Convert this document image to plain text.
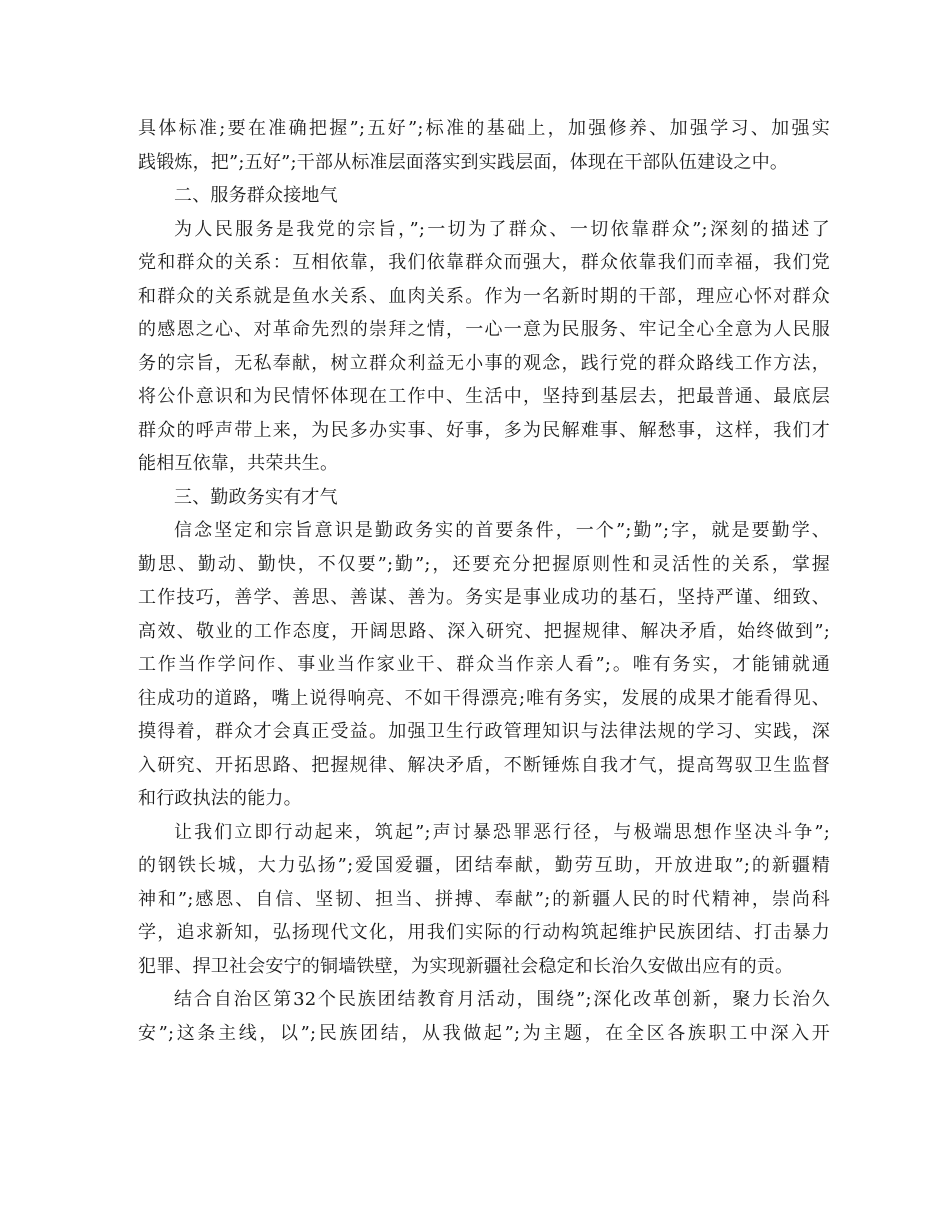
具体标准;要在准确把握”;五好”;标准的基础上，加强修养、加强学习、加强实
践锻炼，把”;五好”;干部从标准层面落实到实践层面，体现在干部队伍建设之中。
二、服务群众接地气
为人民服务是我党的宗旨，”;一切为了群众、一切依靠群众”;深刻的描述了
党和群众的关系：互相依靠，我们依靠群众而强大，群众依靠我们而幸福，我们党
和群众的关系就是鱼水关系、血肉关系。作为一名新时期的干部，理应心怀对群众
的感恩之心、对革命先烈的崇拜之情，一心一意为民服务、牢记全心全意为人民服
务的宗旨，无私奉献，树立群众利益无小事的观念，践行党的群众路线工作方法，
将公仆意识和为民情怀体现在工作中、生活中，坚持到基层去，把最普通、最底层
群众的呼声带上来，为民多办实事、好事，多为民解难事、解愁事，这样，我们才
能相互依靠，共荣共生。
三、勤政务实有才气
信念坚定和宗旨意识是勤政务实的首要条件，一个”;勤”;字，就是要勤学、
勤思、勤动、勤快，不仅要”;勤”;，还要充分把握原则性和灵活性的关系，掌握
工作技巧，善学、善思、善谋、善为。务实是事业成功的基石，坚持严谨、细致、
高效、敬业的工作态度，开阔思路、深入研究、把握规律、解决矛盾，始终做到”;
工作当作学问作、事业当作家业干、群众当作亲人看”;。唯有务实，才能铺就通
往成功的道路，嘴上说得响亮、不如干得漂亮;唯有务实，发展的成果才能看得见、
摸得着，群众才会真正受益。加强卫生行政管理知识与法律法规的学习、实践，深
入研究、开拓思路、把握规律、解决矛盾，不断锤炼自我才气，提高驾驭卫生监督
和行政执法的能力。
让我们立即行动起来，筑起”;声讨暴恐罪恶行径，与极端思想作坚决斗争”;
的钢铁长城，大力弘扬”;爱国爱疆，团结奉献，勤劳互助，开放进取”;的新疆精
神和”;感恩、自信、坚韧、担当、拼搏、奉献”;的新疆人民的时代精神，崇尚科
学，追求新知，弘扬现代文化，用我们实际的行动构筑起维护民族团结、打击暴力
犯罪、捍卫社会安宁的铜墙铁壁，为实现新疆社会稳定和长治久安做出应有的贡。
结合自治区第32个民族团结教育月活动，围绕”;深化改革创新，聚力长治久
安”;这条主线，以”;民族团结，从我做起”;为主题，在全区各族职工中深入开
